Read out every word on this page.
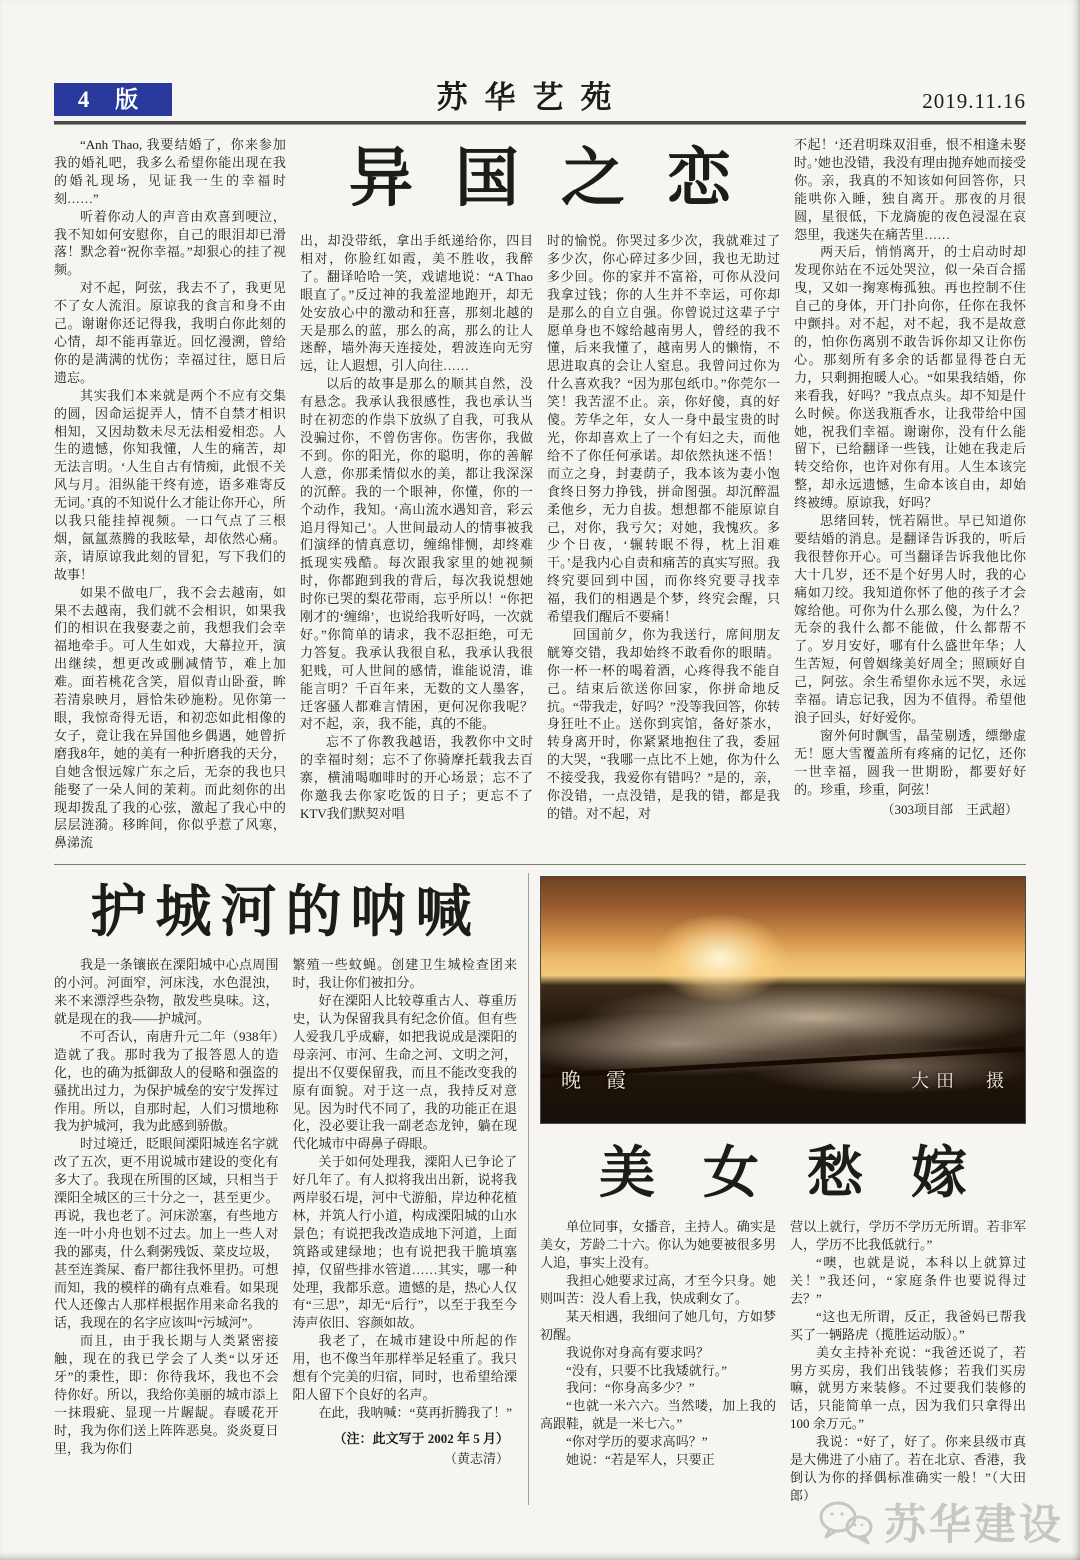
4 版	苏华艺苑	2019.11.16

“Anh Thao, 我要结婚了，你来参加我的婚礼吧，我多么希望你能出现在我的婚礼现场，见证我一生的幸福时刻……”

听着你动人的声音由欢喜到哽泣，我不知如何安慰你，自己的眼泪却已滑落！默念着“祝你幸福。”却狠心的挂了视频。

对不起，阿弦，我去不了，我更见不了女人流泪。原谅我的食言和身不由己。谢谢你还记得我，我明白你此刻的心情，却不能再靠近。回忆漫溯，曾给你的是满满的忧伤；幸福过往，愿日后遗忘。

其实我们本来就是两个不应有交集的圆，因命运捉弄人，情不自禁才相识相知，又因劫数未尽无法相爱相恋。人生的遗憾，你知我懂，人生的痛苦，却无法言明。‘人生自古有情痴，此恨不关风与月。泪纵能干终有迹，语多难寄反无词。’真的不知说什么才能让你开心，所以我只能挂掉视频。一口气点了三根烟，氤氲蒸腾的我眩晕，却依然心痛。亲，请原谅我此刻的冒犯，写下我们的故事！

如果不做电厂，我不会去越南，如果不去越南，我们就不会相识，如果我们的相识在我娶妻之前，我想我们会幸福地牵手。可人生如戏，大幕拉开，演出继续，想更改或删减情节，难上加难。面若桃花含笑，眉似青山卧蚕，眸若清泉映月，唇恰朱砂施粉。见你第一眼，我惊奇得无语，和初恋如此相像的女子，竟让我在异国他乡偶遇，她曾折磨我8年，她的美有一种折磨我的天分，自她含恨远嫁广东之后，无奈的我也只能娶了一朵人间的茉莉。而此刻你的出现却拨乱了我的心弦，激起了我心中的层层涟漪。移眸间，你似乎惹了风寒，鼻涕流

异国之恋

出，却没带纸，拿出手纸递给你，四目相对，你脸红如霞，美不胜收，我醉了。翻译哈哈一笑，戏谑地说：“A Thao 眼直了。”反过神的我羞涩地跑开，却无处安放心中的激动和狂喜，那刻北越的天是那么的蓝，那么的高，那么的让人迷醉，墙外海天连接处，碧波连向无穷远，让人遐想，引人向往……

以后的故事是那么的顺其自然，没有悬念。我承认我很感性，我也承认当时在初恋的作祟下放纵了自我，可我从没骗过你，不曾伤害你。伤害你，我做不到。你的阳光，你的聪明，你的善解人意，你那柔情似水的美，都让我深深的沉醉。我的一个眼神，你懂，你的一个动作，我知。‘高山流水遇知音，彩云追月得知己’。人世间最动人的情事被我们演绎的情真意切，缠绵悱恻，却终难抵现实残酷。每次跟我家里的她视频时，你都跑到我的背后，每次我说想她时你已哭的梨花带雨，忘乎所以！“你把刚才的‘缠绵’，也说给我听好吗，一次就好。”你简单的请求，我不忍拒绝，可无力答复。我承认我很自私，我承认我很犯贱，可人世间的感情，谁能说清，谁能言明？千百年来，无数的文人墨客，迁客骚人都难言情困，更何况你我呢？对不起，亲，我不能，真的不能。

忘不了你教我越语，我教你中文时的幸福时刻；忘不了你骑摩托载我去百寨，横浦喝咖啡时的开心场景；忘不了你邀我去你家吃饭的日子；更忘不了KTV我们默契对唱

时的愉悦。你哭过多少次，我就难过了多少次，你心碎过多少回，我也无助过多少回。你的家并不富裕，可你从没问我拿过钱；你的人生并不幸运，可你却是那么的自立自强。你曾说过这辈子宁愿单身也不嫁给越南男人，曾经的我不懂，后来我懂了，越南男人的懒惰，不思进取真的会让人窒息。我曾问过你为什么喜欢我？“因为那包纸巾。”你莞尔一笑！我苦涩不止。亲，你好傻，真的好傻。芳华之年，女人一身中最宝贵的时光，你却喜欢上了一个有妇之夫，而他给不了你任何承诺。却依然执迷不悟！而立之身，封妻荫子，我本该为妻小饱食终日努力挣钱，拼命图强。却沉醉温柔他乡，无力自拔。想想都不能原谅自己，对你，我亏欠；对她，我愧疚。多少个日夜，‘辗转眠不得，枕上泪难干。’是我内心自责和痛苦的真实写照。我终究要回到中国，而你终究要寻找幸福，我们的相遇是个梦，终究会醒，只希望我们醒后不要痛！

回国前夕，你为我送行，席间朋友觥筹交错，我却始终不敢看你的眼睛。你一杯一杯的喝着酒，心疼得我不能自己。结束后欲送你回家，你拼命地反抗。“带我走，好吗？”没等我回答，你转身狂吐不止。送你到宾馆，备好茶水，转身离开时，你紧紧地抱住了我，委屈的大哭，“我哪一点比不上她，你为什么不接受我，我爱你有错吗？”是的，亲，你没错，一点没错，是我的错，都是我的错。对不起，对

不起！‘还君明珠双泪垂，恨不相逢未娶时。’她也没错，我没有理由抛弃她而接受你。亲，我真的不知该如何回答你，只能哄你入睡，独自离开。那夜的月很圆，星很低，下龙旖旎的夜色浸湿在哀怨里，我迷失在痛苦里……

两天后，悄悄离开，的士启动时却发现你站在不远处哭泣，似一朵百合摇曳，又如一掬寒梅孤独。再也控制不住自己的身体，开门扑向你，任你在我怀中颤抖。对不起，对不起，我不是故意的，怕你伤离别不敢告诉你却又让你伤心。那刻所有多余的话都显得苍白无力，只剩拥抱暖人心。“如果我结婚，你来看我，好吗？”我点点头。却不知是什么时候。你送我瓶香水，让我带给中国她，祝我们幸福。谢谢你，没有什么能留下，已给翻译一些钱，让她在我走后转交给你，也许对你有用。人生本该完整，却永远遗憾，生命本该自由，却始终被缚。原谅我，好吗？

思绪回转，恍若隔世。早已知道你要结婚的消息。是翻译告诉我的，听后我很替你开心。可当翻译告诉我他比你大十几岁，还不是个好男人时，我的心痛如刀绞。我知道你怀了他的孩子才会嫁给他。可你为什么那么傻，为什么？无奈的我什么都不能做，什么都帮不了。岁月安好，哪有什么盛世年华；人生苦短，何曾姻缘美好周全；照顾好自己，阿弦。余生希望你永远不哭，永远幸福。请忘记我，因为不值得。希望他浪子回头，好好爱你。

窗外何时飘雪，晶莹剔透，缥缈虚无！愿大雪覆盖所有疼痛的记忆，还你一世幸福，圆我一世期盼，都要好好的。珍重，珍重，阿弦！

（303项目部　王武超）

护城河的呐喊

我是一条镶嵌在溧阳城中心点周围的小河。河面窄，河床浅，水色混浊，来不来漂浮些杂物，散发些臭味。这，就是现在的我——护城河。

不可否认，南唐升元二年（938年）造就了我。那时我为了报答恩人的造化，也的确为抵御敌人的侵略和强盗的骚扰出过力，为保护城垒的安宁发挥过作用。所以，自那时起，人们习惯地称我为护城河，我为此感到骄傲。

时过境迁，眨眼间溧阳城连名字就改了五次，更不用说城市建设的变化有多大了。我现在所围的区域，只相当于溧阳全城区的三十分之一，甚至更少。再说，我也老了。河床淤塞，有些地方连一叶小舟也划不过去。加上一些人对我的鄙夷，什么剩粥残饭、菜皮垃圾，甚至连粪屎、畜尸都往我怀里扔。可想而知，我的模样的确有点难看。如果现代人还像古人那样根据作用来命名我的话，我现在的名字应该叫“污城河”。

而且，由于我长期与人类紧密接触，现在的我已学会了人类“以牙还牙”的秉性，即：你待我坏，我也不会待你好。所以，我给你美丽的城市添上一抹瑕疵、显现一片龌龊。春暖花开时，我为你们送上阵阵恶臭。炎炎夏日里，我为你们

繁殖一些蚊蝇。创建卫生城检查团来时，我让你们被扣分。

好在溧阳人比较尊重古人、尊重历史，认为保留我具有纪念价值。但有些人爱我几乎成癖，如把我说成是溧阳的母亲河、市河、生命之河、文明之河，提出不仅要保留我，而且不能改变我的原有面貌。对于这一点，我持反对意见。因为时代不同了，我的功能正在退化，没必要让我一副老态龙钟，躺在现代化城市中碍鼻子碍眼。

关于如何处理我，溧阳人已争论了好几年了。有人拟将我出出新，说将我两岸驳石堤，河中弋游船，岸边种花植林，并筑人行小道，构成溧阳城的山水景色；有说把我改造成地下河道，上面筑路或建绿地；也有说把我干脆填塞掉，仅留些排水管道……其实，哪一种处理，我都乐意。遗憾的是，热心人仅有“三思”，却无“后行”，以至于我至今涛声依旧、容颜如故。

我老了，在城市建设中所起的作用，也不像当年那样举足轻重了。我只想有个完美的归宿，同时，也希望给溧阳人留下个良好的名声。

在此，我呐喊：“莫再折腾我了！”

（注：此文写于 2002 年 5 月）

（黄志清）

晚 霞	大田　摄
美女愁嫁

单位同事，女播音，主持人。确实是美女，芳龄二十六。你认为她要被很多男人追，事实上没有。

我担心她要求过高，才至今只身。她则叫苦：没人看上我，快成剩女了。

某天相遇，我细问了她几句，方如梦初醒。

我说你对身高有要求吗？

“没有，只要不比我矮就行。”

我问：“你身高多少？”

“也就一米六六。当然喽，加上我的高跟鞋，就是一米七六。”

“你对学历的要求高吗？”

她说：“若是军人，只要正

营以上就行，学历不学历无所谓。若非军人，学历不比我低就行。”

“噢，也就是说，本科以上就算过关！”我还问，“家庭条件也要说得过去？”

“这也无所谓，反正，我爸妈已帮我买了一辆路虎（揽胜运动版）。”

美女主持补充说：“我爸还说了，若男方买房，我们出钱装修；若我们买房嘛，就男方来装修。不过要我们装修的话，只能简单一点，因为我们只拿得出 100 余万元。”

我说：“好了，好了。你来县级市真是大佛进了小庙了。若在北京、香港，我倒认为你的择偶标准确实一般！”（大田郎）

苏华建设
